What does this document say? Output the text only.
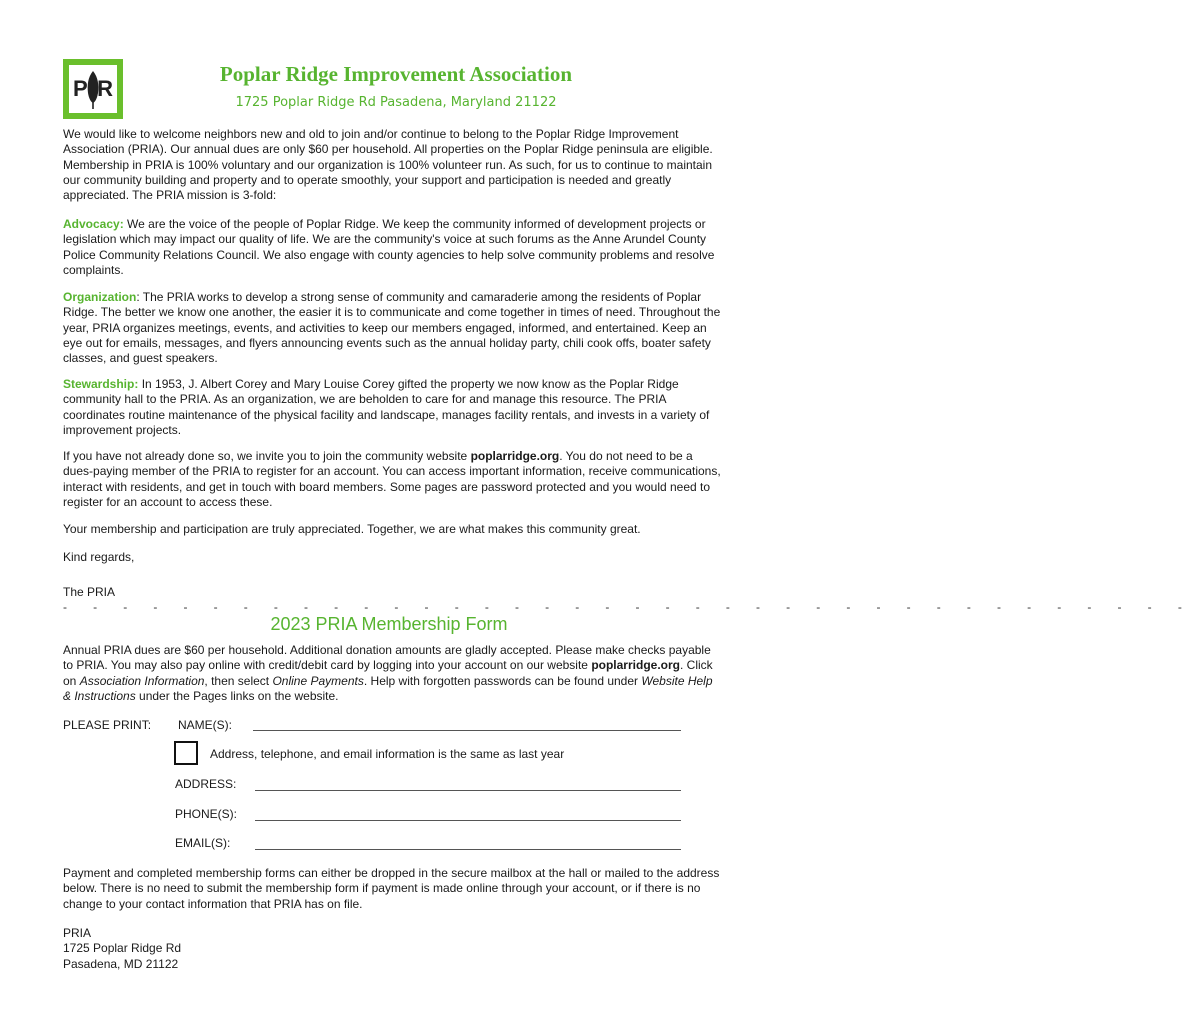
P R
Poplar Ridge Improvement Association
1725 Poplar Ridge Rd Pasadena, Maryland 21122
We would like to welcome neighbors new and old to join and/or continue to belong to the Poplar Ridge Improvement Association (PRIA). Our annual dues are only $60 per household. All properties on the Poplar Ridge peninsula are eligible. Membership in PRIA is 100% voluntary and our organization is 100% volunteer run. As such, for us to continue to maintain our community building and property and to operate smoothly, your support and participation is needed and greatly appreciated. The PRIA mission is 3-fold:
Advocacy: We are the voice of the people of Poplar Ridge. We keep the community informed of development projects or legislation which may impact our quality of life. We are the community's voice at such forums as the Anne Arundel County Police Community Relations Council. We also engage with county agencies to help solve community problems and resolve complaints.
Organization: The PRIA works to develop a strong sense of community and camaraderie among the residents of Poplar Ridge. The better we know one another, the easier it is to communicate and come together in times of need. Throughout the year, PRIA organizes meetings, events, and activities to keep our members engaged, informed, and entertained. Keep an eye out for emails, messages, and flyers announcing events such as the annual holiday party, chili cook offs, boater safety classes, and guest speakers.
Stewardship: In 1953, J. Albert Corey and Mary Louise Corey gifted the property we now know as the Poplar Ridge community hall to the PRIA. As an organization, we are beholden to care for and manage this resource. The PRIA coordinates routine maintenance of the physical facility and landscape, manages facility rentals, and invests in a variety of improvement projects.
If you have not already done so, we invite you to join the community website poplarridge.org. You do not need to be a dues-paying member of the PRIA to register for an account. You can access important information, receive communications, interact with residents, and get in touch with board members. Some pages are password protected and you would need to register for an account to access these.
Your membership and participation are truly appreciated. Together, we are what makes this community great.
Kind regards,
The PRIA
- - - - - - - - - - - - - - - - - - - - - - - - - - - - - - - - - - - - - -
2023 PRIA Membership Form
Annual PRIA dues are $60 per household. Additional donation amounts are gladly accepted. Please make checks payable to PRIA. You may also pay online with credit/debit card by logging into your account on our website poplarridge.org. Click on Association Information, then select Online Payments. Help with forgotten passwords can be found under Website Help & Instructions under the Pages links on the website.
PLEASE PRINT: NAME(S):
Address, telephone, and email information is the same as last year
ADDRESS:
PHONE(S):
EMAIL(S):
Payment and completed membership forms can either be dropped in the secure mailbox at the hall or mailed to the address below. There is no need to submit the membership form if payment is made online through your account, or if there is no change to your contact information that PRIA has on file.
PRIA
1725 Poplar Ridge Rd
Pasadena, MD 21122
